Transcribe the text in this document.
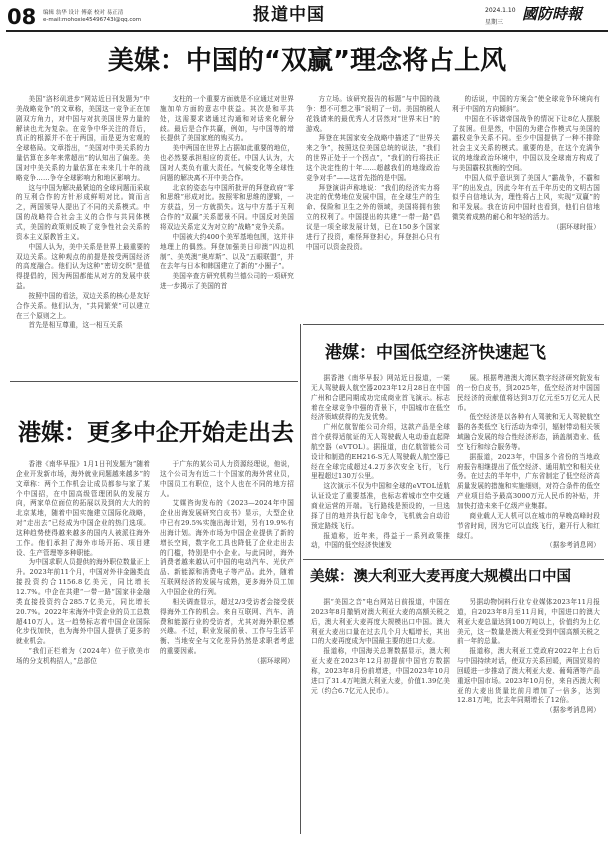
08 编辑 翁华 设计 傅豪 校对 易正清
e-mail:mohoxie45496743l@qq.com	报道中国	2024.1.10
星期三 國防時報
美媒：中国的“双赢”理念将占上风

美国“洛杉矶进步”网站近日刊发题为“中美战略竞争”的文章称，美国这一竞争正在加剧双方角力，对中国与对抗美国世界力量的解读也尤为复杂。在竞争中华关注的背后，真正的根源并不在于两国，而是更为宏观的全球格局。文章指出，“美国对中美关系的力量估算在多年来常超出”的认知出了偏差。美国对中美关系的力量估算在未来几十年的战略竞争……争夺全球影响力和地区影响力。

这与中国为解决最紧迫的全球问题而采取的互利合作的方针形成鲜明对比。简而言之，两国领导人提出了不同的关系模式。中国的战略符合社会主义的合作与共同体模式，美国的政策则反映了竞争性社会关系的资本主义原教旨主义。

中国人认为，美中关系是世界上最重要的双边关系。这种观点的前提是按受两国经济的高度融合。他们认为这种“密切交织”是值得提倡的，因为两国都能从对方的发展中获益。

按照中国的看法，双边关系的核心是友好合作关系。他们认为，“共同繁荣”可以建立在三个原则之上。

首先是相互尊重，这一相互关系

支柱的一个重要方面就是不应通过对世界施加单方面的意志中获益。其次是和平共处，这需要求诸通过沟通和对话来化解分歧。最后是合作共赢，例如，与中国等的增长提供了美国家庭的购买力。

美中两国在世界上占据如此重要的地位，也必然要承担相应的责任。中国人认为，大国对人类负有重大责任。气候变化等全球性问题的解决离不开中美合作。

北京的姿态与中国所批评的拜登政府“零和思维”形成对比。按照零和思维的逻辑，一方获益，另一方就损失。这与中方基于互利合作的“双赢”关系愿景不同。中国反对美国将双边关系定义为对立的“战略”竞争关系。

中国被大约400个美军基地包围，这并非地理上的偶然。拜登加强美日印澳“四边机制”、美英澳“奥库斯”、以及“五眼联盟”，并在去年与日本和韩国建立了新的“小圈子”。

美国辛查方研究机构兰德公司的一项研究进一步揭示了美国的首

方立场。该研究报告的标题“与中国的战争：想不可想之事”说明了一切。美国纳税人花钱请来的最优秀人才居然对“世界末日”的游戏。

拜登在其国家安全战略中描述了“世界关来之争”，按照这位美国总统的说法，“我们的世界正处于一个拐点”，“我们的行将扶正这个决定性的十年……超越我们的地缘政治竞争对手”——这首先指的是中国。

拜登演讲声称地说：“我们的经济实力将决定的优势地位发展中国，在全球生产的生命、保险和卫生之外的领域，美国将拥有独立的权利了。中国提出的共建“一带一路”倡议是一项全球发展计划，已在150多个国家进行了投资，难怪拜登担心，拜登担心只有中国可以资金投资。

的话说，中国的方案会“使全球竞争环境向有利于中国的方向倾斜”。

中国在不诉诸帝国战争的情况下让8亿人摆脱了贫困。但是然，中国的为建合作模式与美国的霸权竞争关系不同。至少中国提供了一种不排除社会主义关系的模式。重要的是，在这个充满争议的地缘政治环境中，中国以及全球南方构成了与美国霸权抗衡的空间。

中国人似乎意识到了美国人“霸战争，不霸和平”的出发点，因此今年有五千年历史的文明古国似乎自信地认为，理性将占上风，实现“双赢”的和平发展。我在访问中国时也看到，他们自信地微笑着成熟的耐心和年轻的活力。

（据环球时报）

港媒：中国低空经济快速起飞

据香港《南华早报》网站近日报道，一架无人驾驶载人航空器2023年12月28日在中国广州和合肥同期成功完成商业首飞演示。标志着在全球竞争中强的背景下，中国城市在低空经济领域获得的先发优势。

广州亿航智能公司介绍，这款产品是全球首个获得适航证的无人驾驶载人电动垂直起降航空器（eVTOL）。据报道，由亿航智能公司设计和制造的EH216-S无人驾驶载人航空器已经在全球完成超过4.2万多次安全飞行，飞行里程超过130万公里。

这次演示不仅为中国和全球的eVTOL适航认证设定了重要基准，也标志着城市空中交通商业运营的开端。飞行路线是预设的，一旦选择了目的地并执行起飞命令，飞机就会自动沿预定路线飞行。

报道称，近年来，得益于一系列政策推动，中国的低空经济快速发

展。根据粤港澳大湾区数字经济研究院发布的一份白皮书，到2025年，低空经济对中国国民经济的贡献值将达到3万亿元至5万亿元人民币。

低空经济是以各种有人驾驶和无人驾驶航空器的各类低空飞行活动为牵引，辐射带动相关领域融合发展的综合性经济形态，涵盖制造业、低空飞行和综合服务等。

据报道，2023年，中国多个省份的当地政府报告相继提出了低空经济、通用航空和相关业务。在过去的半年中，广东省制定了低空经济高质量发展的措施和实施细则，对符合条件的低空产业项目给予最高3000万元人民币的补贴，并加快打造未来千亿级产业集群。

商业载人无人机可以在城市的早晚高峰时段节省时间，因为它可以直线飞行，避开行人和红绿灯。

（据参考消息网）

港媒：更多中企开始走出去

香港《南华早报》1月1日刊发题为“随着企业开发新市场，海外就业问题越来越多”的文章称：两个工作机会让成员都参与家了某个中国招，在中国高级管理团队的发展方向，两家单位面位的拓展以及到的大大的的北京某地，随着中国实施建立国际化战略，对“走出去”已经成为中国企业的热门选项。这种趋势使得越来越多的国内人被派往海外工作。他们承担了海外市场开拓、项目建设、生产管理等多种职能。

为中国求职人员提供的海外职位数量正上升。2023年前11个月，中国对外非金融类直接投资约合1156.8亿美元，同比增长12.7%。中企在共建“一带一路”国家非金融类直接投资约合285.7亿美元，同比增长20.7%。2022年末海外中资企业的员工总数超410万人。这一趋势标志着中国企业国际化步伐加快，也为海外中国人提供了更多的就业机会。

“我们正栏着为（2024年）位于欧美市场的分支机构招人，”总部位

于广东的某公司人力资源经理说，他说，这个公司为有近二十个国家的海外营业员，中国员工有职位，这个人也在不同的地方招人。

艾媒咨询发布的《2023—2024年中国企业出海发展研究白皮书》显示，大型企业中已有29.5%实施出海计划，另有19.9%有出海计划。海外市场为中国企业提供了新的增长空间，数字化工具也降低了企业走出去的门槛，特别是中小企业。与此同时，海外消费者越来越认可中国的电动汽车、光伏产品、新能源和消费电子等产品。此外，随着互联网经济的发展与成熟，更多海外员工加入中国企业的行列。

相关调查显示，超过2/3受访者会接受获得海外工作的机会。来自互联网、汽车、消费和能源行业的受访者，尤其对海外职位感兴趣。不过，职业发展前景、工作与生活平衡、当地安全与文化差异仍然是求职者考虑的重要因素。

（据环球网）

美媒：澳大利亚大麦再度大规模出口中国

据“美国之音”电台网站日前报道，中国在2023年8月撤销对澳大利亚大麦的高额关税之后，澳大利亚大麦再度大规模出口中国。澳大利亚大麦出口量在过去几个月大幅增长，其出口的大麦再度成为中国最主要的进口大麦。

报道称，中国海关总署数据显示，澳大利亚大麦在2023年12月初提前中国官方数据称，2023年8月份前增进，中国2023年10月进口了31.4万吨澳大利亚大麦，价值1.39亿美元（约合6.7亿元人民币）。

另据动物饲料行业专业媒体2023年11月报道，自2023年8月至11月间，中国进口的澳大利亚大麦总量达到100万吨以上，价值约为上亿美元，这一数量是澳大利亚受到中国高额关税之前一年的总量。

报道称，澳大利亚工党政府2022年上台后与中国持续对话，使双方关系回暖，两国贸易的回暖进一步推动了澳大利亚大麦、葡萄酒等产品重返中国市场。2023年10月份，来自西澳大利亚的大麦出货量比前月增加了一倍多，达到12.81万吨，比去年同期增长了12倍。

（据参考消息网）
